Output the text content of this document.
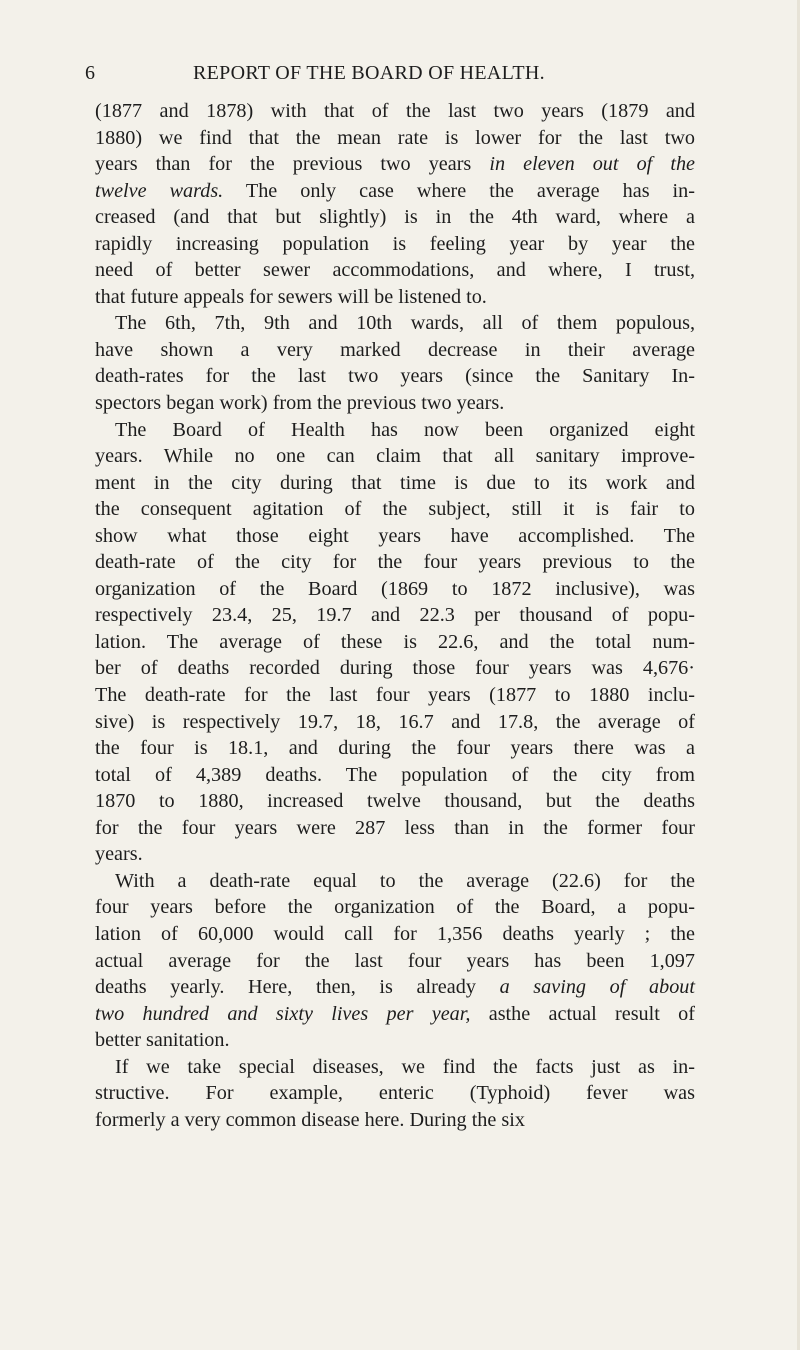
6	REPORT OF THE BOARD OF HEALTH.
(1877 and 1878) with that of the last two years (1879 and
1880) we find that the mean rate is lower for the last two
years than for the previous two years in eleven out of the
twelve wards. The only case where the average has in-
creased (and that but slightly) is in the 4th ward, where a
rapidly increasing population is feeling year by year the
need of better sewer accommodations, and where, I trust,
that future appeals for sewers will be listened to.
The 6th, 7th, 9th and 10th wards, all of them populous,
have shown a very marked decrease in their average
death-rates for the last two years (since the Sanitary In-
spectors began work) from the previous two years.
The Board of Health has now been organized eight
years. While no one can claim that all sanitary improve-
ment in the city during that time is due to its work and
the consequent agitation of the subject, still it is fair to
show what those eight years have accomplished. The
death-rate of the city for the four years previous to the
organization of the Board (1869 to 1872 inclusive), was
respectively 23.4, 25, 19.7 and 22.3 per thousand of popu-
lation. The average of these is 22.6, and the total num-
ber of deaths recorded during those four years was 4,676·
The death-rate for the last four years (1877 to 1880 inclu-
sive) is respectively 19.7, 18, 16.7 and 17.8, the average of
the four is 18.1, and during the four years there was a
total of 4,389 deaths. The population of the city from
1870 to 1880, increased twelve thousand, but the deaths
for the four years were 287 less than in the former four
years.
With a death-rate equal to the average (22.6) for the
four years before the organization of the Board, a popu-
lation of 60,000 would call for 1,356 deaths yearly ; the
actual average for the last four years has been 1,097
deaths yearly. Here, then, is already a saving of about
two hundred and sixty lives per year, asthe actual result of
better sanitation.
If we take special diseases, we find the facts just as in-
structive. For example, enteric (Typhoid) fever was
formerly a very common disease here. During the six
